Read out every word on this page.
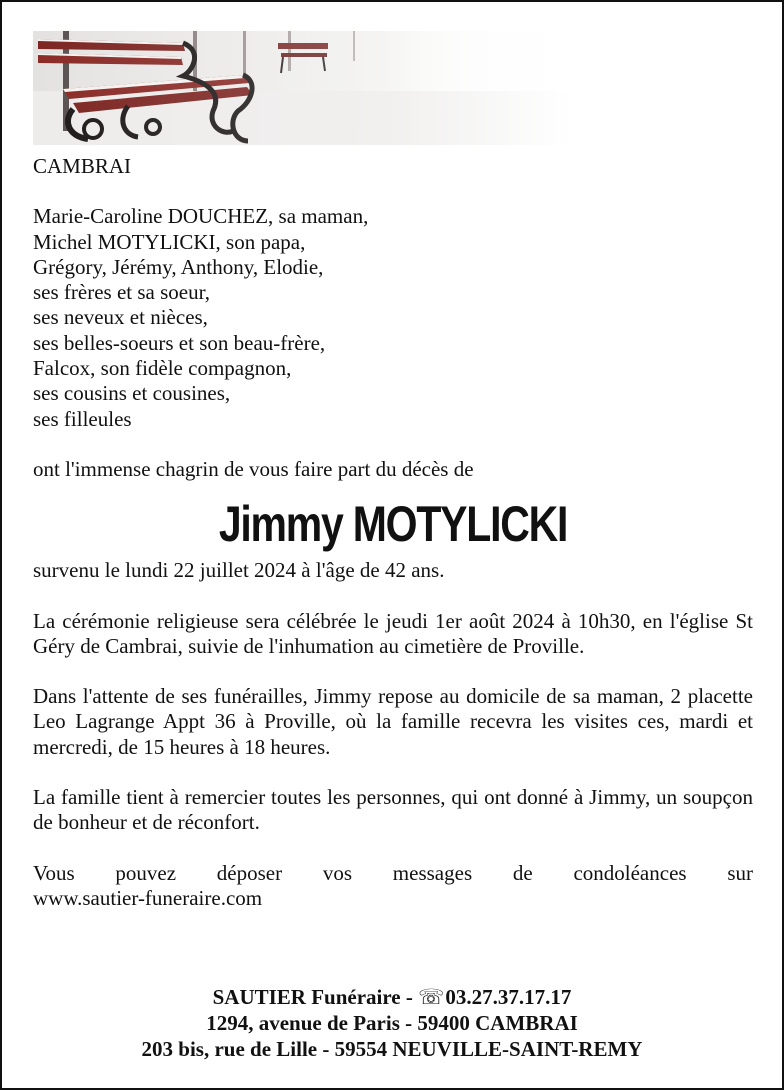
CAMBRAI

Marie-Caroline DOUCHEZ, sa maman,
Michel MOTYLICKI, son papa,
Grégory, Jérémy, Anthony, Elodie,
ses frères et sa soeur,
ses neveux et nièces,
ses belles-soeurs et son beau-frère,
Falcox, son fidèle compagnon,
ses cousins et cousines,
ses filleules

ont l'immense chagrin de vous faire part du décès de

Jimmy MOTYLICKI

survenu le lundi 22 juillet 2024 à l'âge de 42 ans.

La cérémonie religieuse sera célébrée le jeudi 1er août 2024 à 10h30, en l'église St Géry de Cambrai, suivie de l'inhumation au cimetière de Proville.

Dans l'attente de ses funérailles, Jimmy repose au domicile de sa maman, 2 placette Leo Lagrange Appt 36 à Proville, où la famille recevra les visites ces, mardi et mercredi, de 15 heures à 18 heures.

La famille tient à remercier toutes les personnes, qui ont donné à Jimmy, un soupçon de bonheur et de réconfort.

Vous pouvez déposer vos messages de condoléances sur

www.sautier-funeraire.com

SAUTIER Funéraire - ☏03.27.37.17.17

1294, avenue de Paris - 59400 CAMBRAI

203 bis, rue de Lille - 59554 NEUVILLE-SAINT-REMY
